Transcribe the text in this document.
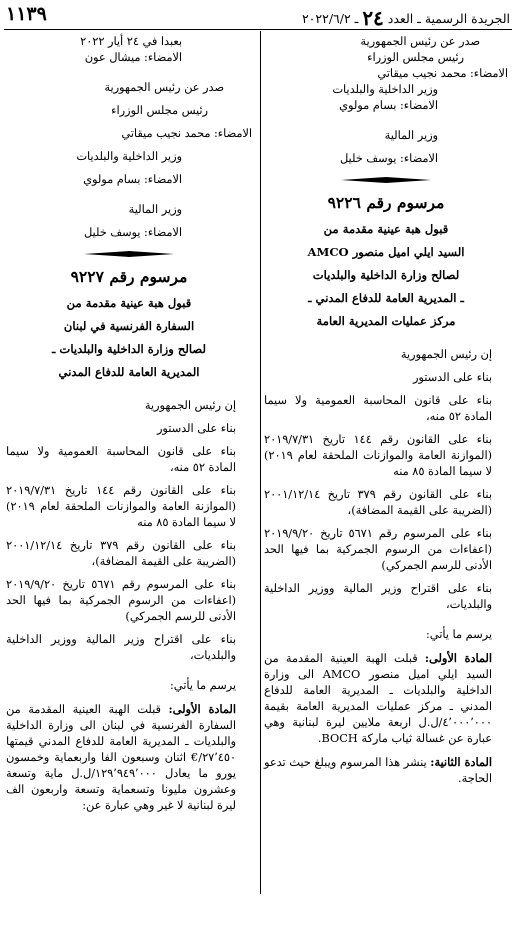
الجريدة الرسمية ـ العدد ٢٤ ـ ٢٠٢٢/٦/٢
١١٣٩

صدر عن رئيس الجمهورية

رئيس مجلس الوزراء

الامضاء: محمد نجيب ميقاتي

وزير الداخلية والبلديات

الامضاء: بسام مولوي

وزير المالية

الامضاء: يوسف خليل

مرسوم رقم ٩٢٢٦

قبول هبة عينية مقدمة من

السيد ايلي اميل منصور AMCO

لصالح وزارة الداخلية والبلديات

ـ المديرية العامة للدفاع المدني ـ

مركز عمليات المديرية العامة

إن رئيس الجمهورية

بناء على الدستور

بناء على قانون المحاسبة العمومية ولا سيما المادة ٥٢ منه،

بناء على القانون رقم ١٤٤ تاريخ ٢٠١٩/٧/٣١ (الموازنة العامة والموازنات الملحقة لعام ٢٠١٩) لا سيما المادة ٨٥ منه

بناء على القانون رقم ٣٧٩ تاريخ ٢٠٠١/١٢/١٤ (الضريبة على القيمة المضافة)،

بناء على المرسوم رقم ٥٦٧١ تاريخ ٢٠١٩/٩/٢٠ (اعفاءات من الرسوم الجمركية بما فيها الحد الأدنى للرسم الجمركي)

بناء على اقتراح وزير المالية ووزير الداخلية والبلديات،

يرسم ما يأتي:

المادة الأولى: قبلت الهبة العينية المقدمة من السيد ايلي اميل منصور AMCO الى وزارة الداخلية والبلديات ـ المديرية العامة للدفاع المدني ـ مركز عمليات المديرية العامة بقيمة ٤٬٠٠٠٬٠٠٠/ل.ل اربعة ملايين ليرة لبنانية وهي عبارة عن غسالة ثياب ماركة BOCH.

المادة الثانية: ينشر هذا المرسوم ويبلغ حيث تدعو الحاجة.

بعبدا في ٢٤ أيار ٢٠٢٢

الامضاء: ميشال عون

صدر عن رئيس الجمهورية

رئيس مجلس الوزراء

الامضاء: محمد نجيب ميقاتي

وزير الداخلية والبلديات

الامضاء: بسام مولوي

وزير المالية

الامضاء: يوسف خليل

مرسوم رقم ٩٢٢٧

قبول هبة عينية مقدمة من

السفارة الفرنسية في لبنان

لصالح وزارة الداخلية والبلديات ـ

المديرية العامة للدفاع المدني

إن رئيس الجمهورية

بناء على الدستور

بناء على قانون المحاسبة العمومية ولا سيما المادة ٥٢ منه،

بناء على القانون رقم ١٤٤ تاريخ ٢٠١٩/٧/٣١ (الموازنة العامة والموازنات الملحقة لعام ٢٠١٩) لا سيما المادة ٨٥ منه

بناء على القانون رقم ٣٧٩ تاريخ ٢٠٠١/١٢/١٤ (الضريبة على القيمة المضافة)،

بناء على المرسوم رقم ٥٦٧١ تاريخ ٢٠١٩/٩/٢٠ (اعفاءات من الرسوم الجمركية بما فيها الحد الأدنى للرسم الجمركي)

بناء على اقتراح وزير المالية ووزير الداخلية والبلديات،

يرسم ما يأتي:

المادة الأولى: قبلت الهبة العينية المقدمة من السفارة الفرنسية في لبنان الى وزارة الداخلية والبلديات ـ المديرية العامة للدفاع المدني قيمتها ٢٧٬٤٥٠/€ اثنان وسبعون الفا واربعماية وخمسون يورو ما يعادل ١٢٩٬٩٤٩٬٠٠٠/ل.ل ماية وتسعة وعشرون مليونا وتسعماية وتسعة واربعون الف ليرة لبنانية لا غير وهي عبارة عن:
